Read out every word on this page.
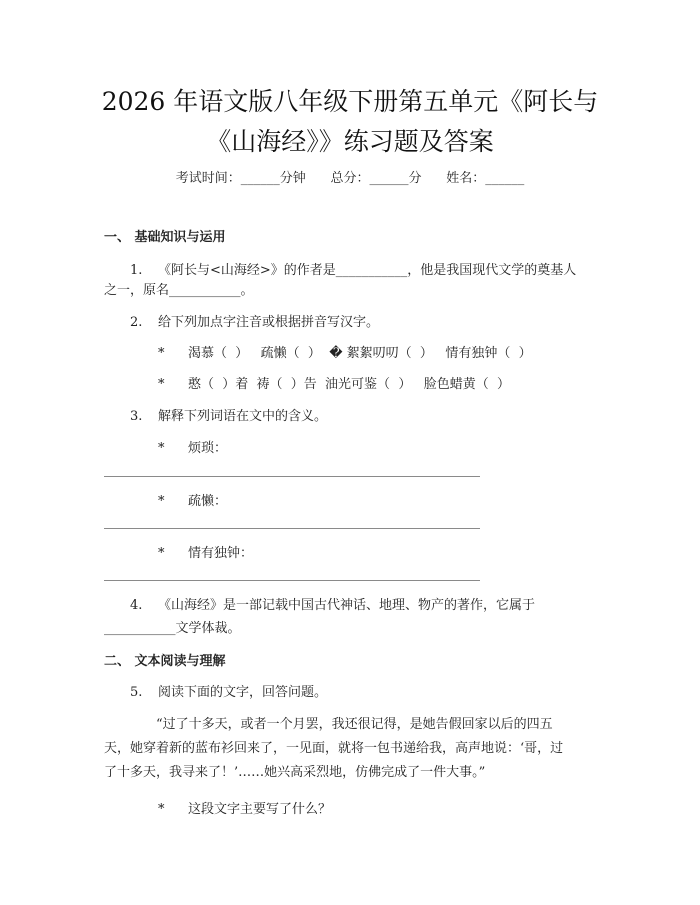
2026 年语文版八年级下册第五单元《阿长与
《山海经》》练习题及答案
考试时间：______分钟      总分：______分      姓名：______
一、 基础知识与运用
1. 《阿长与<山海经>》的作者是___________，他是我国现代文学的奠基人
之一，原名___________。
2. 给下列加点字注音或根据拼音写汉字。
* 渴慕（  ）   疏懒（  ）  � 絮絮叨叨（  ）   情有独钟（  ）
* 憨（  ）着  祷（  ）告  油光可鉴（  ）   脸色蜡黄（  ）
3. 解释下列词语在文中的含义。
* 烦琐：
* 疏懒：
* 情有独钟：
4. 《山海经》是一部记载中国古代神话、地理、物产的著作，它属于
___________文学体裁。
二、 文本阅读与理解
5. 阅读下面的文字，回答问题。
“过了十多天，或者一个月罢，我还很记得，是她告假回家以后的四五
天，她穿着新的蓝布衫回来了，一见面，就将一包书递给我，高声地说：‘哥，过
了十多天，我寻来了！’……她兴高采烈地，仿佛完成了一件大事。”
* 这段文字主要写了什么？
